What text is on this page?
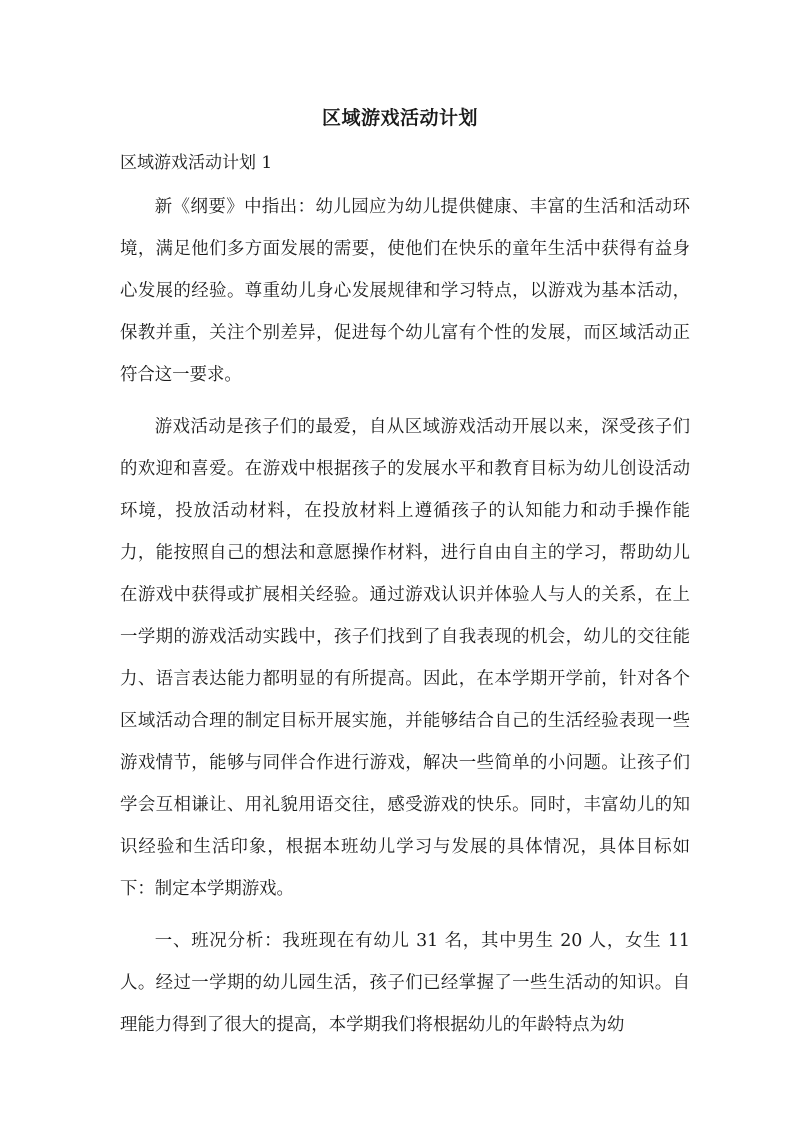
区域游戏活动计划

区域游戏活动计划 1

新《纲要》中指出：幼儿园应为幼儿提供健康、丰富的生活和活动环境，满足他们多方面发展的需要，使他们在快乐的童年生活中获得有益身心发展的经验。尊重幼儿身心发展规律和学习特点，以游戏为基本活动，保教并重，关注个别差异，促进每个幼儿富有个性的发展，而区域活动正符合这一要求。

游戏活动是孩子们的最爱，自从区域游戏活动开展以来，深受孩子们的欢迎和喜爱。在游戏中根据孩子的发展水平和教育目标为幼儿创设活动环境，投放活动材料，在投放材料上遵循孩子的认知能力和动手操作能力，能按照自己的想法和意愿操作材料，进行自由自主的学习，帮助幼儿在游戏中获得或扩展相关经验。通过游戏认识并体验人与人的关系，在上一学期的游戏活动实践中，孩子们找到了自我表现的机会，幼儿的交往能力、语言表达能力都明显的有所提高。因此，在本学期开学前，针对各个区域活动合理的制定目标开展实施，并能够结合自己的生活经验表现一些游戏情节，能够与同伴合作进行游戏，解决一些简单的小问题。让孩子们学会互相谦让、用礼貌用语交往，感受游戏的快乐。同时，丰富幼儿的知识经验和生活印象，根据本班幼儿学习与发展的具体情况，具体目标如下：制定本学期游戏。

一、班况分析：我班现在有幼儿 31 名，其中男生 20 人，女生 11 人。经过一学期的幼儿园生活，孩子们已经掌握了一些生活动的知识。自理能力得到了很大的提高，本学期我们将根据幼儿的年龄特点为幼
